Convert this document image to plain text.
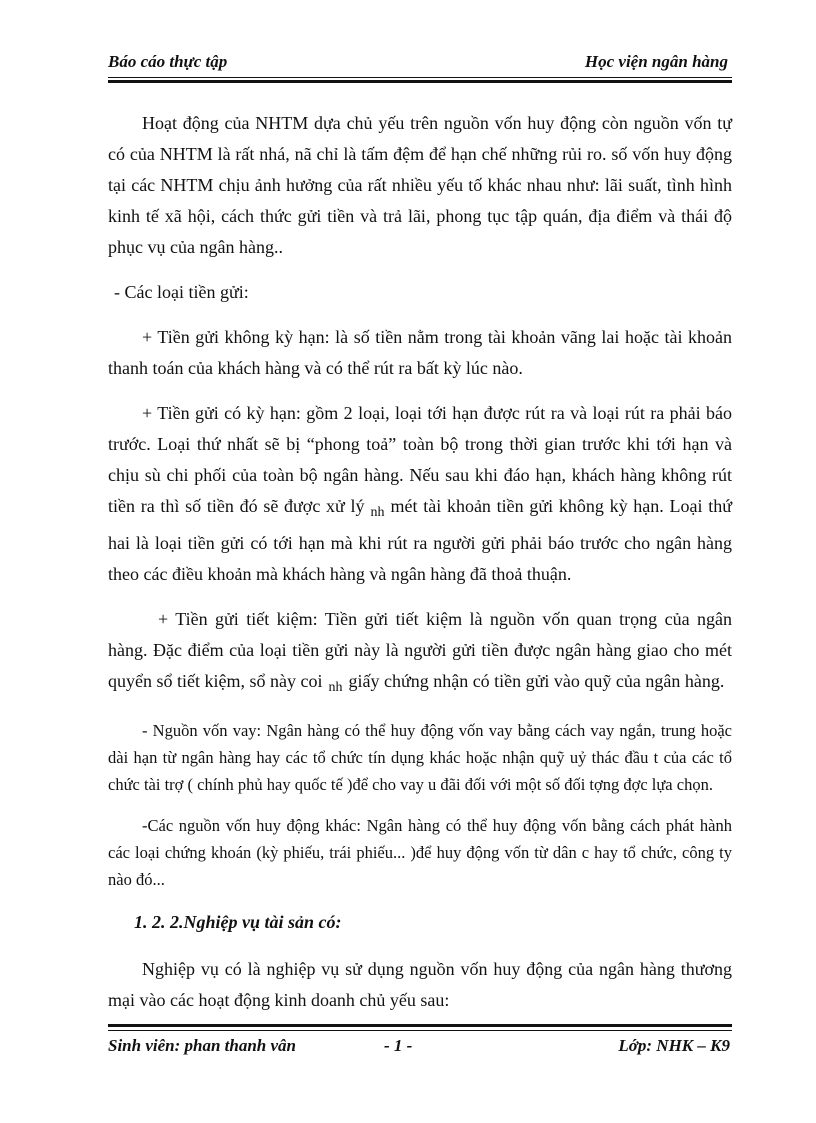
Báo cáo thực tập	Học viện ngân hàng

Hoạt động của NHTM dựa chủ yếu trên nguồn vốn huy động còn nguồn vốn tự có của NHTM là rất nhá, nã chỉ là tấm đệm để hạn chế những rủi ro. số vốn huy động tại các NHTM chịu ảnh hưởng của rất nhiều yếu tố khác nhau như: lãi suất, tình hình kinh tế xã hội, cách thức gửi tiền và trả lãi, phong tục tập quán, địa điểm và thái độ phục vụ của ngân hàng..

- Các loại tiền gửi:

+ Tiền gửi không kỳ hạn: là số tiền nằm trong tài khoản vãng lai hoặc tài khoản thanh toán của khách hàng và có thể rút ra bất kỳ lúc nào.

+ Tiền gửi có kỳ hạn: gồm 2 loại, loại tới hạn được rút ra và loại rút ra phải báo trước. Loại thứ nhất sẽ bị “phong toả” toàn bộ trong thời gian trước khi tới hạn và chịu sù chi phối của toàn bộ ngân hàng. Nếu sau khi đáo hạn, khách hàng không rút tiền ra thì số tiền đó sẽ được xử lý $_{nh}$ mét tài khoản tiền gửi không kỳ hạn. Loại thứ hai là loại tiền gửi có tới hạn mà khi rút ra người gửi phải báo trước cho ngân hàng theo các điều khoản mà khách hàng và ngân hàng đã thoả thuận.

+ Tiền gửi tiết kiệm: Tiền gửi tiết kiệm là nguồn vốn quan trọng của ngân hàng. Đặc điểm của loại tiền gửi này là người gửi tiền được ngân hàng giao cho mét quyển sổ tiết kiệm, sổ này coi $_{nh}$ giấy chứng nhận có tiền gửi vào quỹ của ngân hàng.

- Nguồn vốn vay: Ngân hàng có thể huy động vốn vay bằng cách vay ngắn, trung hoặc dài hạn từ ngân hàng hay các tổ chức tín dụng khác hoặc nhận quỹ uỷ thác đầu t của các tổ chức tài trợ ( chính phủ hay quốc tế )để cho vay u đãi đối với một số đối tợng đợc lựa chọn.

-Các nguồn vốn huy động khác: Ngân hàng có thể huy động vốn bằng cách phát hành các loại chứng khoán (kỳ phiếu, trái phiếu... )để huy động vốn từ dân c hay tổ chức, công ty nào đó...

1. 2. 2.Nghiệp vụ tài sản có:

Nghiệp vụ có là nghiệp vụ sử dụng nguồn vốn huy động của ngân hàng thương mại vào các hoạt động kinh doanh chủ yếu sau:

Sinh viên: phan thanh vân	- 1 -	Lớp: NHK – K9
